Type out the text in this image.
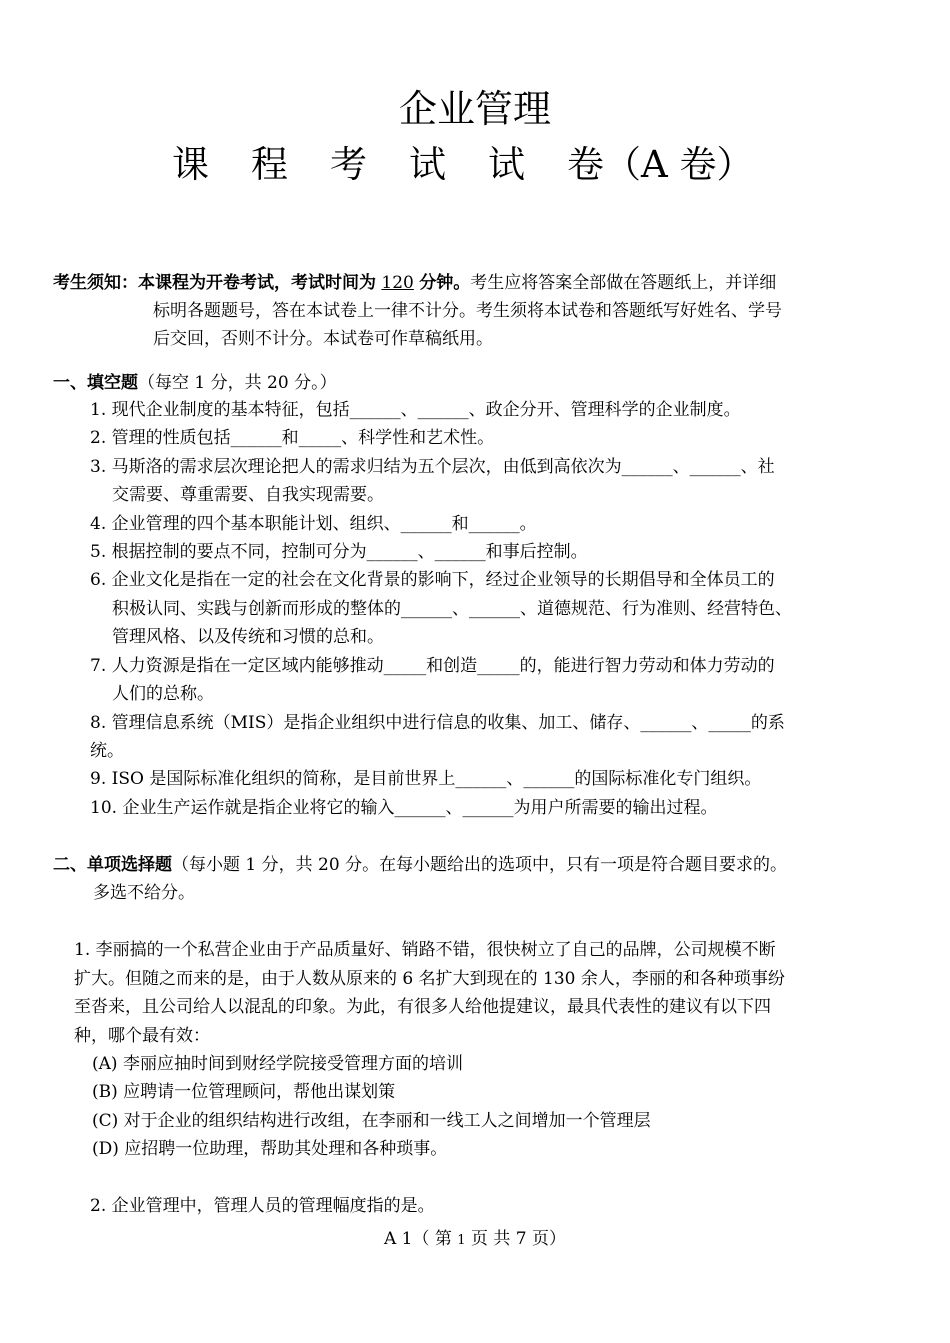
企业管理
课 程 考 试 试 卷（A 卷）
考生须知：本课程为开卷考试，考试时间为 120 分钟。考生应将答案全部做在答题纸上，并详细
标明各题题号，答在本试卷上一律不计分。考生须将本试卷和答题纸写好姓名、学号
后交回，否则不计分。本试卷可作草稿纸用。
一、填空题（每空 1 分，共 20 分。）
1. 现代企业制度的基本特征，包括______、______、政企分开、管理科学的企业制度。
2. 管理的性质包括______和_____、科学性和艺术性。
3. 马斯洛的需求层次理论把人的需求归结为五个层次，由低到高依次为______、______、社
交需要、尊重需要、自我实现需要。
4. 企业管理的四个基本职能计划、组织、______和______。
5. 根据控制的要点不同，控制可分为______、______和事后控制。
6. 企业文化是指在一定的社会在文化背景的影响下，经过企业领导的长期倡导和全体员工的
积极认同、实践与创新而形成的整体的______、______、道德规范、行为准则、经营特色、
管理风格、以及传统和习惯的总和。
7. 人力资源是指在一定区域内能够推动_____和创造_____的，能进行智力劳动和体力劳动的
人们的总称。
8. 管理信息系统（MIS）是指企业组织中进行信息的收集、加工、储存、______、_____的系
统。
9. ISO 是国际标准化组织的简称，是目前世界上______、______的国际标准化专门组织。
10. 企业生产运作就是指企业将它的输入______、______为用户所需要的输出过程。
二、单项选择题（每小题 1 分，共 20 分。在每小题给出的选项中，只有一项是符合题目要求的。
多选不给分。
1. 李丽搞的一个私营企业由于产品质量好、销路不错，很快树立了自己的品牌，公司规模不断
扩大。但随之而来的是，由于人数从原来的 6 名扩大到现在的 130 余人，李丽的和各种琐事纷
至沓来，且公司给人以混乱的印象。为此，有很多人给他提建议，最具代表性的建议有以下四
种，哪个最有效：
(A) 李丽应抽时间到财经学院接受管理方面的培训
(B) 应聘请一位管理顾问，帮他出谋划策
(C) 对于企业的组织结构进行改组，在李丽和一线工人之间增加一个管理层
(D) 应招聘一位助理，帮助其处理和各种琐事。
2. 企业管理中，管理人员的管理幅度指的是。
A 1（ 第 1 页 共 7 页）
